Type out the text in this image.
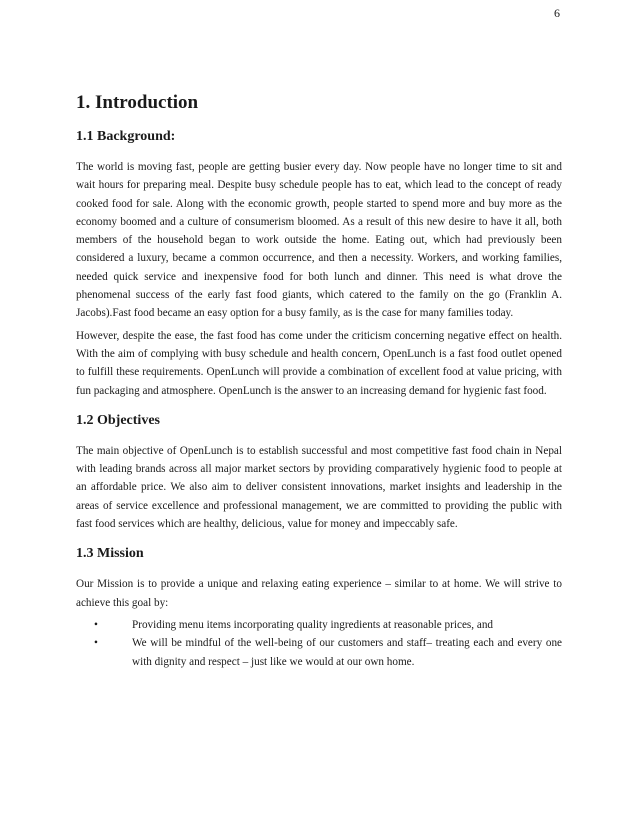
6
1. Introduction
1.1 Background:

The world is moving fast, people are getting busier every day. Now people have no longer time to sit and wait hours for preparing meal. Despite busy schedule people has to eat, which lead to the concept of ready cooked food for sale. Along with the economic growth, people started to spend more and buy more as the economy boomed and a culture of consumerism bloomed. As a result of this new desire to have it all, both members of the household began to work outside the home. Eating out, which had previously been considered a luxury, became a common occurrence, and then a necessity. Workers, and working families, needed quick service and inexpensive food for both lunch and dinner. This need is what drove the phenomenal success of the early fast food giants, which catered to the family on the go (Franklin A. Jacobs).Fast food became an easy option for a busy family, as is the case for many families today.

However, despite the ease, the fast food has come under the criticism concerning negative effect on health. With the aim of complying with busy schedule and health concern, OpenLunch is a fast food outlet opened to fulfill these requirements. OpenLunch will provide a combination of excellent food at value pricing, with fun packaging and atmosphere. OpenLunch is the answer to an increasing demand for hygienic fast food.

1.2 Objectives

The main objective of OpenLunch is to establish successful and most competitive fast food chain in Nepal with leading brands across all major market sectors by providing comparatively hygienic food to people at an affordable price. We also aim to deliver consistent innovations, market insights and leadership in the areas of service excellence and professional management, we are committed to providing the public with fast food services which are healthy, delicious, value for money and impeccably safe.

1.3 Mission

Our Mission is to provide a unique and relaxing eating experience – similar to at home. We will strive to achieve this goal by:

•	Providing menu items incorporating quality ingredients at reasonable prices, and
•	We will be mindful of the well-being of our customers and staff– treating each and every one with dignity and respect – just like we would at our own home.
